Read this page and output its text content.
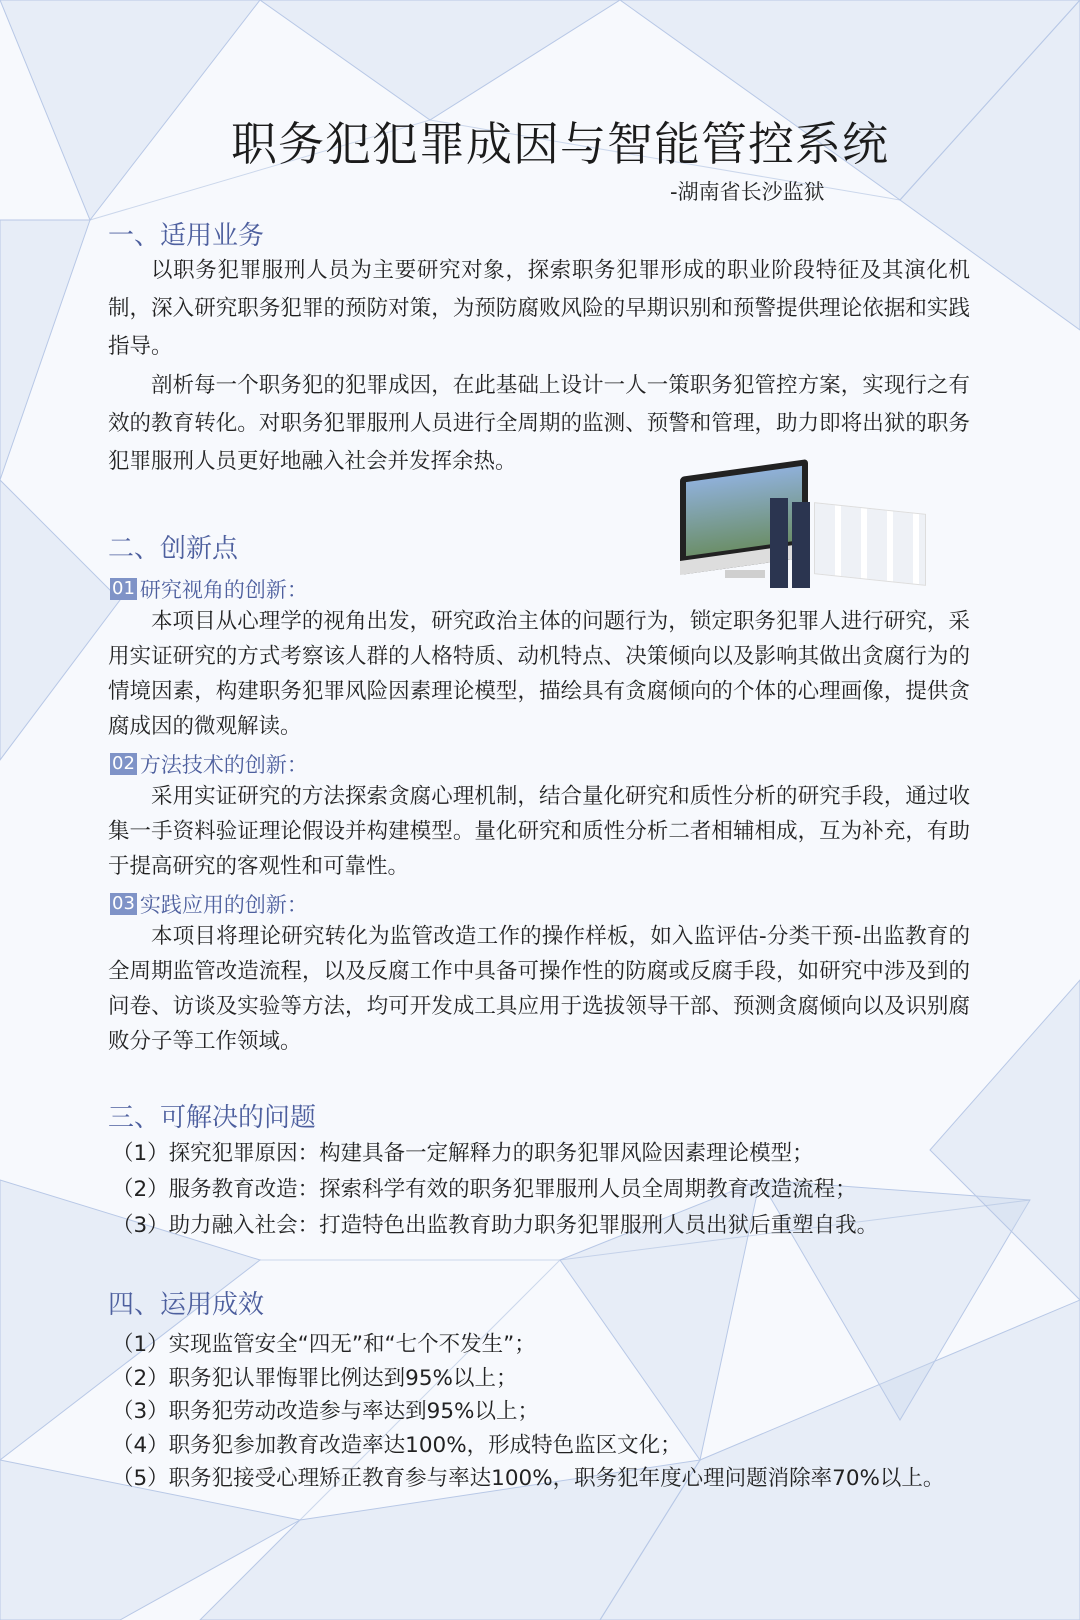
职务犯犯罪成因与智能管控系统
-湖南省长沙监狱
一、适用业务

以职务犯罪服刑人员为主要研究对象，探索职务犯罪形成的职业阶段特征及其演化机制，深入研究职务犯罪的预防对策，为预防腐败风险的早期识别和预警提供理论依据和实践指导。

剖析每一个职务犯的犯罪成因，在此基础上设计一人一策职务犯管控方案，实现行之有效的教育转化。对职务犯罪服刑人员进行全周期的监测、预警和管理，助力即将出狱的职务犯罪服刑人员更好地融入社会并发挥余热。

二、创新点
01 研究视角的创新：

本项目从心理学的视角出发，研究政治主体的问题行为，锁定职务犯罪人进行研究，采用实证研究的方式考察该人群的人格特质、动机特点、决策倾向以及影响其做出贪腐行为的情境因素，构建职务犯罪风险因素理论模型，描绘具有贪腐倾向的个体的心理画像，提供贪腐成因的微观解读。

02 方法技术的创新：

采用实证研究的方法探索贪腐心理机制，结合量化研究和质性分析的研究手段，通过收集一手资料验证理论假设并构建模型。量化研究和质性分析二者相辅相成，互为补充，有助于提高研究的客观性和可靠性。

03 实践应用的创新：

本项目将理论研究转化为监管改造工作的操作样板，如入监评估-分类干预-出监教育的全周期监管改造流程，以及反腐工作中具备可操作性的防腐或反腐手段，如研究中涉及到的问卷、访谈及实验等方法，均可开发成工具应用于选拔领导干部、预测贪腐倾向以及识别腐败分子等工作领域。

三、可解决的问题
（1）探究犯罪原因：构建具备一定解释力的职务犯罪风险因素理论模型；
（2）服务教育改造：探索科学有效的职务犯罪服刑人员全周期教育改造流程；
（3）助力融入社会：打造特色出监教育助力职务犯罪服刑人员出狱后重塑自我。
四、运用成效
（1）实现监管安全“四无”和“七个不发生”；
（2）职务犯认罪悔罪比例达到95%以上；
（3）职务犯劳动改造参与率达到95%以上；
（4）职务犯参加教育改造率达100%，形成特色监区文化；
（5）职务犯接受心理矫正教育参与率达100%，职务犯年度心理问题消除率70%以上。
